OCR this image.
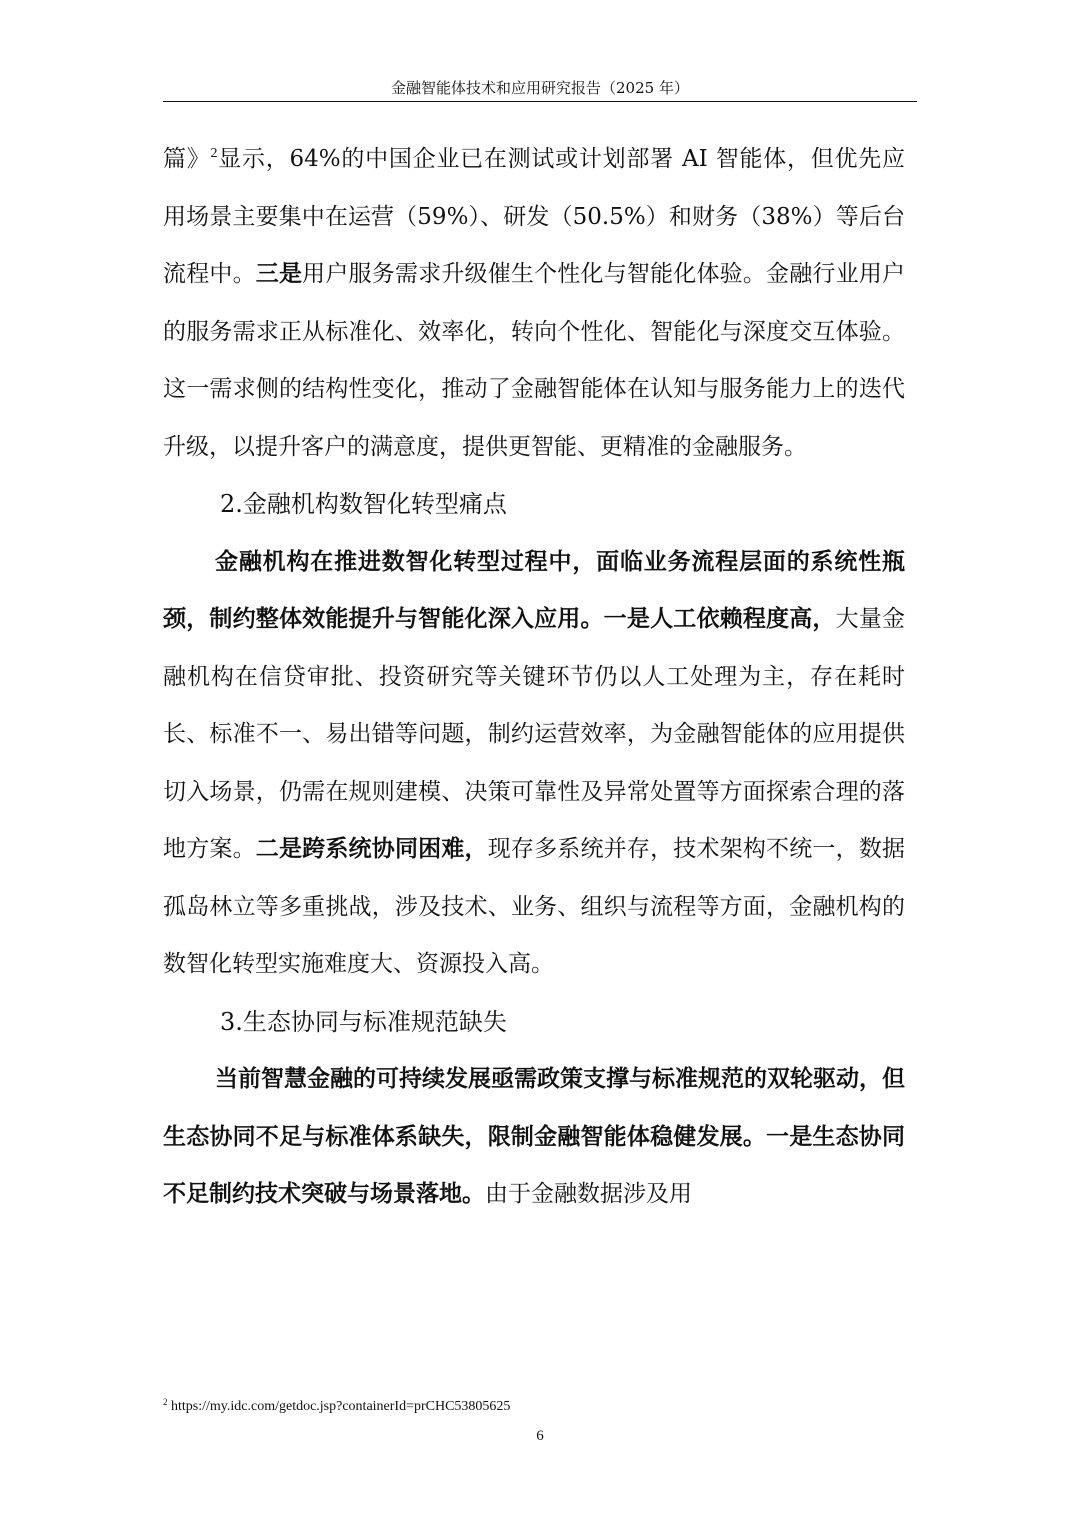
金融智能体技术和应用研究报告（2025 年）

篇》$^2$显示，64%的中国企业已在测试或计划部署 AI 智能体，但优先应用场景主要集中在运营（59%）、研发（50.5%）和财务（38%）等后台流程中。三是用户服务需求升级催生个性化与智能化体验。金融行业用户的服务需求正从标准化、效率化，转向个性化、智能化与深度交互体验。这一需求侧的结构性变化，推动了金融智能体在认知与服务能力上的迭代升级，以提升客户的满意度，提供更智能、更精准的金融服务。

2.金融机构数智化转型痛点

金融机构在推进数智化转型过程中，面临业务流程层面的系统性瓶颈，制约整体效能提升与智能化深入应用。一是人工依赖程度高，大量金融机构在信贷审批、投资研究等关键环节仍以人工处理为主，存在耗时长、标准不一、易出错等问题，制约运营效率，为金融智能体的应用提供切入场景，仍需在规则建模、决策可靠性及异常处置等方面探索合理的落地方案。二是跨系统协同困难，现存多系统并存，技术架构不统一，数据孤岛林立等多重挑战，涉及技术、业务、组织与流程等方面，金融机构的数智化转型实施难度大、资源投入高。

3.生态协同与标准规范缺失

当前智慧金融的可持续发展亟需政策支撑与标准规范的双轮驱动，但生态协同不足与标准体系缺失，限制金融智能体稳健发展。一是生态协同不足制约技术突破与场景落地。由于金融数据涉及用

$^2$ https://my.idc.com/getdoc.jsp?containerId=prCHC53805625
6
